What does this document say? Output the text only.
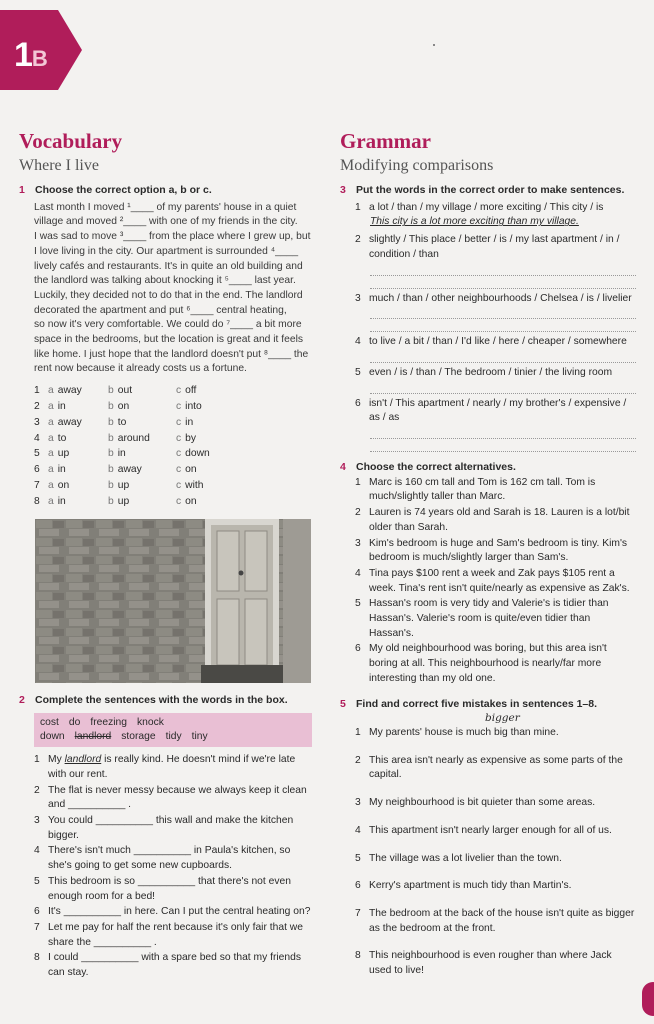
1B
Vocabulary
Where I live
1 Choose the correct option a, b or c.
Last month I moved ¹____ of my parents' house in a quiet
village and moved ²____ with one of my friends in the city.
I was sad to move ³____ from the place where I grew up, but
I love living in the city. Our apartment is surrounded ⁴____
lively cafés and restaurants. It's in quite an old building and
the landlord was talking about knocking it ⁵____ last year.
Luckily, they decided not to do that in the end. The landlord
decorated the apartment and put ⁶____ central heating,
so now it's very comfortable. We could do ⁷____ a bit more
space in the bedrooms, but the location is great and it feels
like home. I just hope that the landlord doesn't put ⁸____ the
rent now because it already costs us a fortune.
1 a away	b out	c off
2 a in	b on	c into
3 a away	b to	c in
4 a to	b around	c by
5 a up	b in	c down
6 a in	b away	c on
7 a on	b up	c with
8 a in	b up	c on
2 Complete the sentences with the words in the box.
cost do freezing knock down landlord storage tidy tiny
1 My landlord is really kind. He doesn't mind if we're late with our rent.
2 The flat is never messy because we always keep it clean and __________ .
3 You could __________ this wall and make the kitchen bigger.
4 There's isn't much __________ in Paula's kitchen, so she's going to get some new cupboards.
5 This bedroom is so __________ that there's not even enough room for a bed!
6 It's __________ in here. Can I put the central heating on?
7 Let me pay for half the rent because it's only fair that we share the __________ .
8 I could __________ with a spare bed so that my friends can stay.
Grammar
Modifying comparisons
3 Put the words in the correct order to make sentences.
1 a lot / than / my village / more exciting / This city / is
This city is a lot more exciting than my village.
2 slightly / This place / better / is / my last apartment / in / condition / than
3 much / than / other neighbourhoods / Chelsea / is / livelier
4 to live / a bit / than / I'd like / here / cheaper / somewhere
5 even / is / than / The bedroom / tinier / the living room
6 isn't / This apartment / nearly / my brother's / expensive / as / as
4 Choose the correct alternatives.
1 Marc is 160 cm tall and Tom is 162 cm tall. Tom is much/slightly taller than Marc.
2 Lauren is 74 years old and Sarah is 18. Lauren is a lot/bit older than Sarah.
3 Kim's bedroom is huge and Sam's bedroom is tiny. Kim's bedroom is much/slightly larger than Sam's.
4 Tina pays $100 rent a week and Zak pays $105 rent a week. Tina's rent isn't quite/nearly as expensive as Zak's.
5 Hassan's room is very tidy and Valerie's is tidier than Hassan's. Valerie's room is quite/even tidier than Hassan's.
6 My old neighbourhood was boring, but this area isn't boring at all. This neighbourhood is nearly/far more interesting than my old one.
5 Find and correct five mistakes in sentences 1–8.
bigger
1 My parents' house is much big than mine.
2 This area isn't nearly as expensive as some parts of the capital.
3 My neighbourhood is bit quieter than some areas.
4 This apartment isn't nearly larger enough for all of us.
5 The village was a lot livelier than the town.
6 Kerry's apartment is much tidy than Martin's.
7 The bedroom at the back of the house isn't quite as bigger as the bedroom at the front.
8 This neighbourhood is even rougher than where Jack used to live!
